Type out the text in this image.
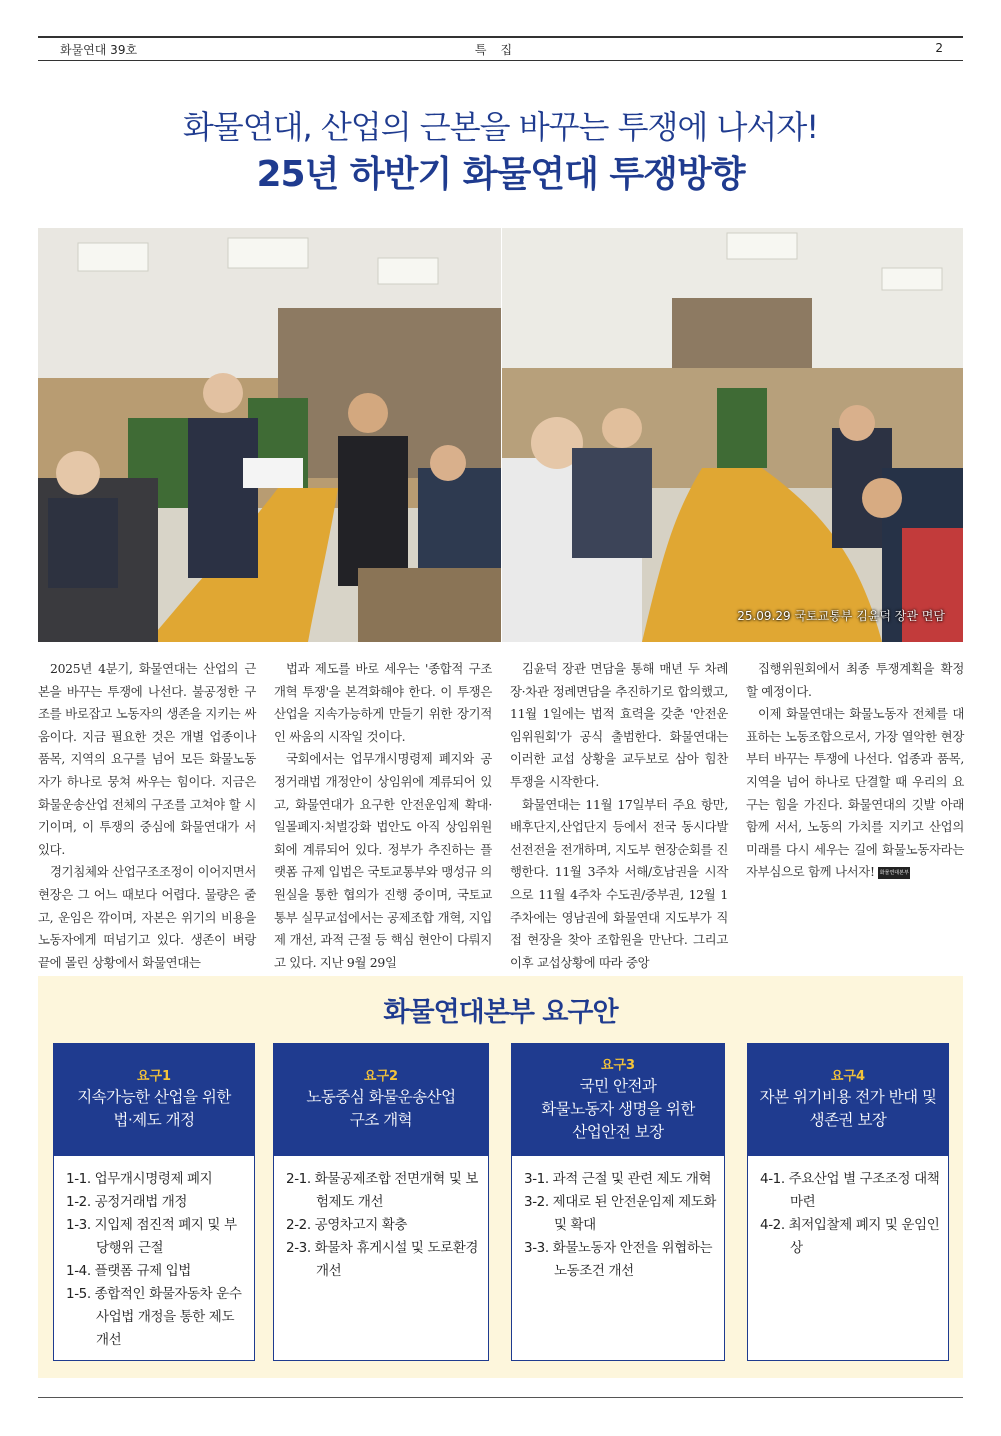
화물연대 39호	특집	2
화물연대, 산업의 근본을 바꾸는 투쟁에 나서자!
25년 하반기 화물연대 투쟁방향
25.09.29 국토교통부 김윤덕 장관 면담

2025년 4분기, 화물연대는 산업의 근본을 바꾸는 투쟁에 나선다. 불공정한 구조를 바로잡고 노동자의 생존을 지키는 싸움이다. 지금 필요한 것은 개별 업종이나 품목, 지역의 요구를 넘어 모든 화물노동자가 하나로 뭉쳐 싸우는 힘이다. 지금은 화물운송산업 전체의 구조를 고쳐야 할 시기이며, 이 투쟁의 중심에 화물연대가 서 있다.

경기침체와 산업구조조정이 이어지면서 현장은 그 어느 때보다 어렵다. 물량은 줄고, 운임은 깎이며, 자본은 위기의 비용을 노동자에게 떠넘기고 있다. 생존이 벼랑 끝에 몰린 상황에서 화물연대는

법과 제도를 바로 세우는 '종합적 구조개혁 투쟁'을 본격화해야 한다. 이 투쟁은 산업을 지속가능하게 만들기 위한 장기적인 싸움의 시작일 것이다.

국회에서는 업무개시명령제 폐지와 공정거래법 개정안이 상임위에 계류되어 있고, 화물연대가 요구한 안전운임제 확대·일몰폐지·처벌강화 법안도 아직 상임위원회에 계류되어 있다. 정부가 추진하는 플랫폼 규제 입법은 국토교통부와 맹성규 의원실을 통한 협의가 진행 중이며, 국토교통부 실무교섭에서는 공제조합 개혁, 지입제 개선, 과적 근절 등 핵심 현안이 다뤄지고 있다. 지난 9월 29일

김윤덕 장관 면담을 통해 매년 두 차례 장·차관 정례면담을 추진하기로 합의했고, 11월 1일에는 법적 효력을 갖춘 '안전운임위원회'가 공식 출범한다. 화물연대는 이러한 교섭 상황을 교두보로 삼아 힘찬 투쟁을 시작한다.

화물연대는 11월 17일부터 주요 항만,배후단지,산업단지 등에서 전국 동시다발 선전전을 전개하며, 지도부 현장순회를 진행한다. 11월 3주차 서해/호남권을 시작으로 11월 4주차 수도권/중부권, 12월 1주차에는 영남권에 화물연대 지도부가 직접 현장을 찾아 조합원을 만난다. 그리고 이후 교섭상황에 따라 중앙

집행위원회에서 최종 투쟁계획을 확정할 예정이다.

이제 화물연대는 화물노동자 전체를 대표하는 노동조합으로서, 가장 열악한 현장부터 바꾸는 투쟁에 나선다. 업종과 품목, 지역을 넘어 하나로 단결할 때 우리의 요구는 힘을 가진다. 화물연대의 깃발 아래 함께 서서, 노동의 가치를 지키고 산업의 미래를 다시 세우는 길에 화물노동자라는 자부심으로 함께 나서자! 화물연대본부

화물연대본부 요구안
요구1
지속가능한 산업을 위한
법·제도 개정
1-1. 업무개시명령제 폐지
1-2. 공정거래법 개정
1-3. 지입제 점진적 폐지 및 부당행위 근절
1-4. 플랫폼 규제 입법
1-5. 종합적인 화물자동차 운수사업법 개정을 통한 제도개선
요구2
노동중심 화물운송산업
구조 개혁
2-1. 화물공제조합 전면개혁 및 보험제도 개선
2-2. 공영차고지 확충
2-3. 화물차 휴게시설 및 도로환경 개선
요구3
국민 안전과
화물노동자 생명을 위한
산업안전 보장
3-1. 과적 근절 및 관련 제도 개혁
3-2. 제대로 된 안전운임제 제도화 및 확대
3-3. 화물노동자 안전을 위협하는 노동조건 개선
요구4
자본 위기비용 전가 반대 및
생존권 보장
4-1. 주요산업 별 구조조정 대책 마련
4-2. 최저입찰제 폐지 및 운임인상
